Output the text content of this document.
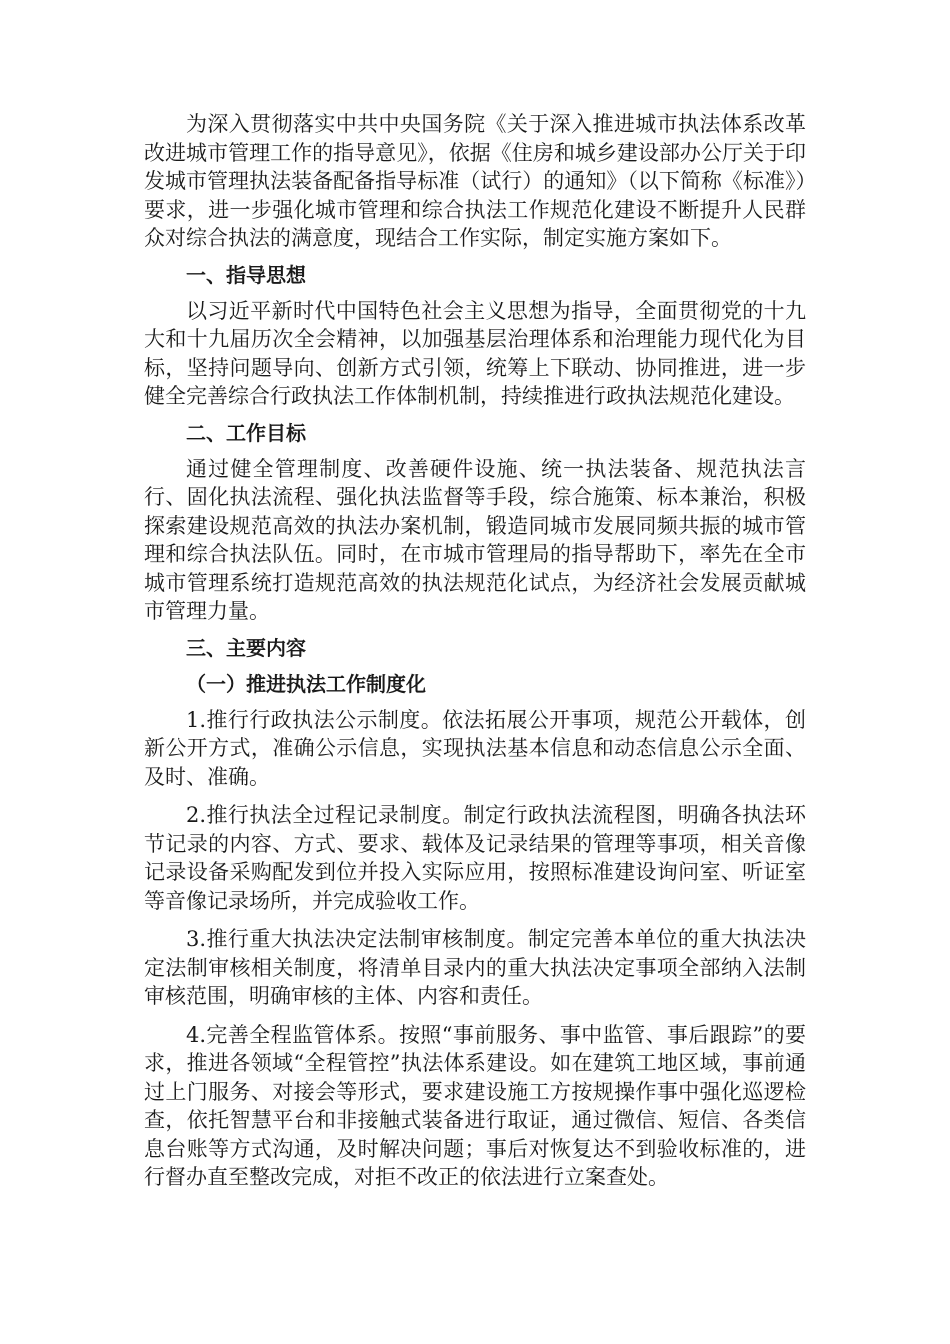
为深入贯彻落实中共中央国务院《关于深入推进城市执法体系改革改进城市管理工作的指导意见》，依据《住房和城乡建设部办公厅关于印发城市管理执法装备配备指导标准（试行）的通知》（以下简称《标准》）要求，进一步强化城市管理和综合执法工作规范化建设不断提升人民群众对综合执法的满意度，现结合工作实际，制定实施方案如下。

一、指导思想

以习近平新时代中国特色社会主义思想为指导，全面贯彻党的十九大和十九届历次全会精神，以加强基层治理体系和治理能力现代化为目标，坚持问题导向、创新方式引领，统筹上下联动、协同推进，进一步健全完善综合行政执法工作体制机制，持续推进行政执法规范化建设。

二、工作目标

通过健全管理制度、改善硬件设施、统一执法装备、规范执法言行、固化执法流程、强化执法监督等手段，综合施策、标本兼治，积极探索建设规范高效的执法办案机制，锻造同城市发展同频共振的城市管理和综合执法队伍。同时，在市城市管理局的指导帮助下，率先在全市城市管理系统打造规范高效的执法规范化试点，为经济社会发展贡献城市管理力量。

三、主要内容

（一）推进执法工作制度化

1.推行行政执法公示制度。依法拓展公开事项，规范公开载体，创新公开方式，准确公示信息，实现执法基本信息和动态信息公示全面、及时、准确。

2.推行执法全过程记录制度。制定行政执法流程图，明确各执法环节记录的内容、方式、要求、载体及记录结果的管理等事项，相关音像记录设备采购配发到位并投入实际应用，按照标准建设询问室、听证室等音像记录场所，并完成验收工作。

3.推行重大执法决定法制审核制度。制定完善本单位的重大执法决定法制审核相关制度，将清单目录内的重大执法决定事项全部纳入法制审核范围，明确审核的主体、内容和责任。

4.完善全程监管体系。按照“事前服务、事中监管、事后跟踪”的要求，推进各领域“全程管控”执法体系建设。如在建筑工地区域，事前通过上门服务、对接会等形式，要求建设施工方按规操作事中强化巡逻检查，依托智慧平台和非接触式装备进行取证，通过微信、短信、各类信息台账等方式沟通，及时解决问题；事后对恢复达不到验收标准的，进行督办直至整改完成，对拒不改正的依法进行立案查处。
